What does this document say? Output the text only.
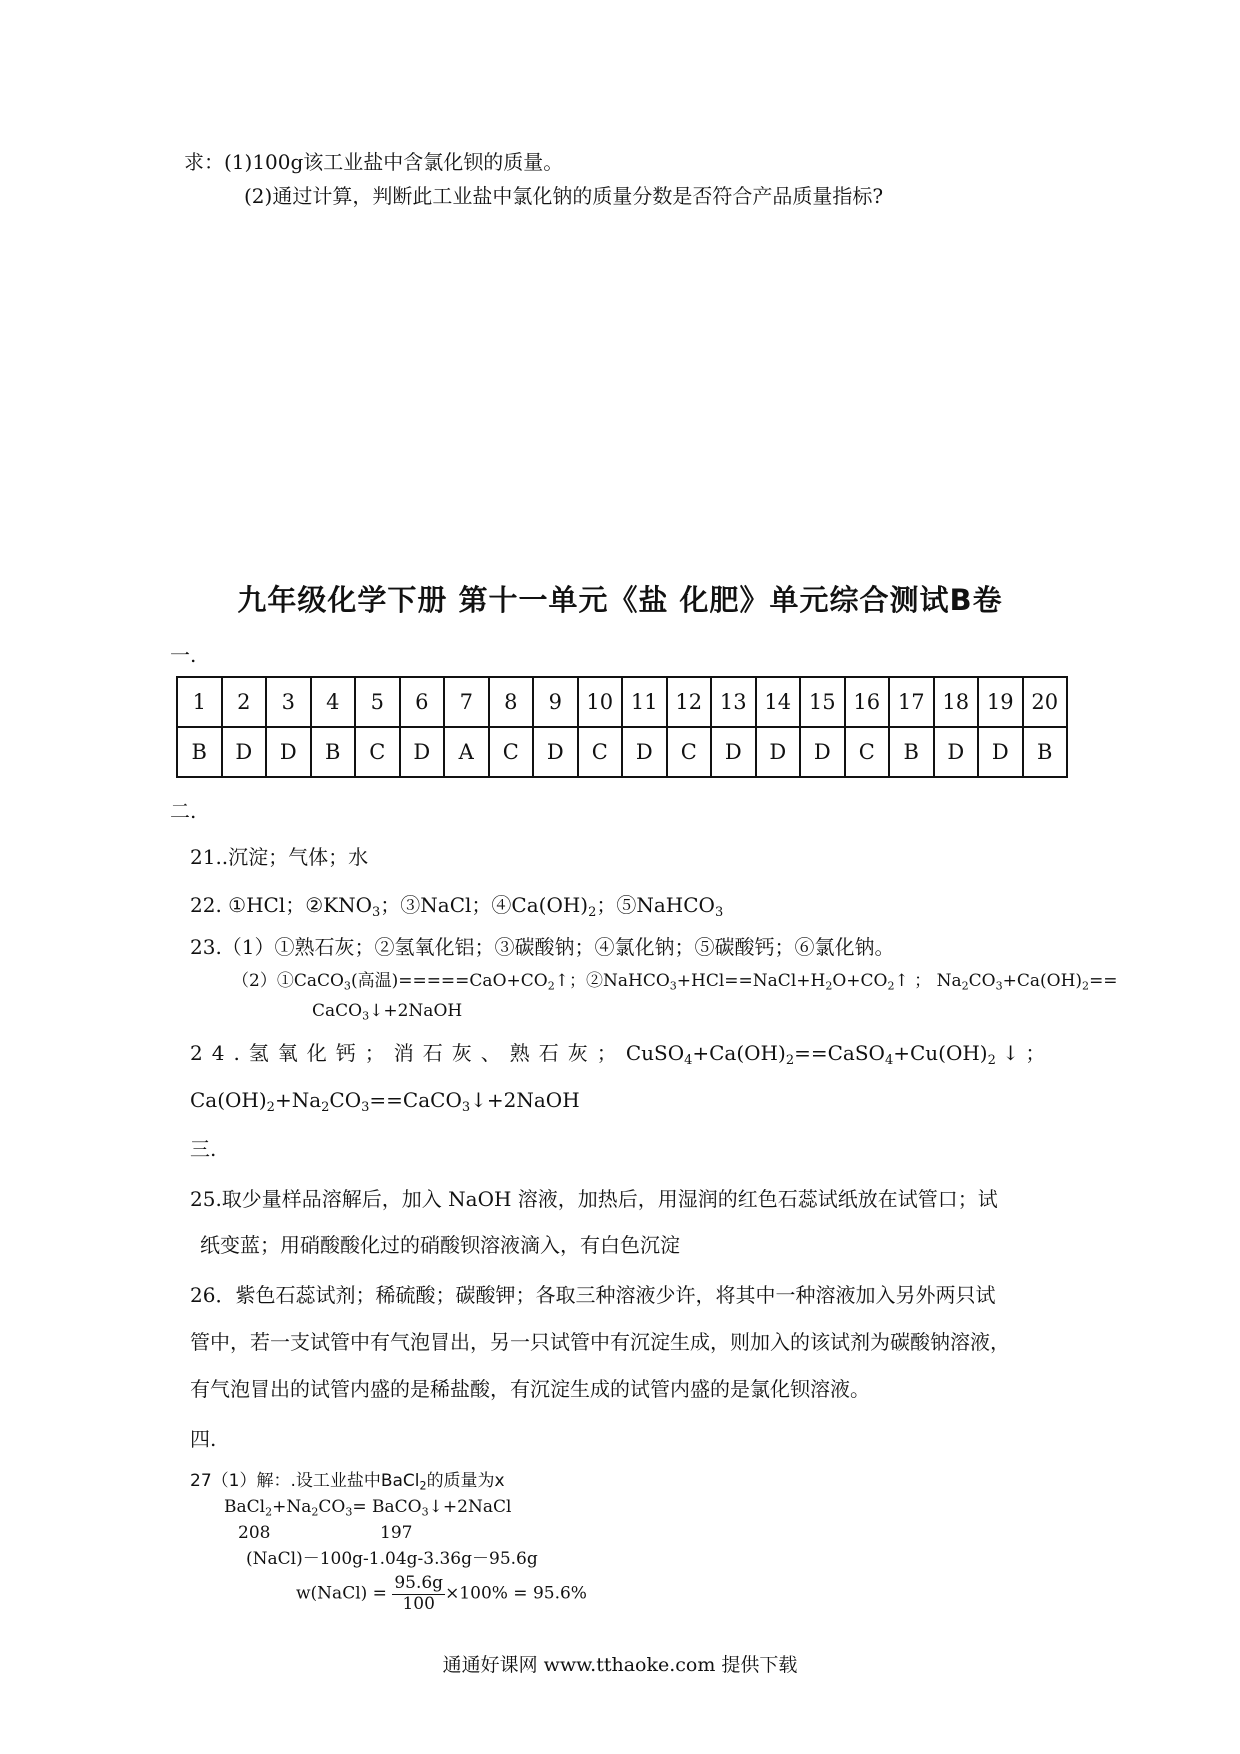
求：(1)100g该工业盐中含氯化钡的质量。

(2)通过计算，判断此工业盐中氯化钠的质量分数是否符合产品质量指标?

九年级化学下册 第十一单元《盐 化肥》单元综合测试B卷

一.

1	2	3	4	5	6	7	8	9	10	11	12	13	14	15	16	17	18	19	20
B	D	D	B	C	D	A	C	D	C	D	C	D	D	D	C	B	D	D	B

二.

21..沉淀；气体；水

22. ①HCl；$②KNO_3$；③NaCl；$④Ca(OH)_2$；⑤NaHCO$_3$

23.（1）①熟石灰；②氢氧化铝；③碳酸钠；④氯化钠；⑤碳酸钙；⑥氯化钠。

（2）①CaCO$_3$(高温)$=====CaO+CO_2↑$；$②NaHCO_3+HCl==NaCl+H_2O+CO_2↑$ ； $Na_2CO_3+Ca(OH)_2==$

CaCO$_3$↓+2NaOH

24.氢氧化钙；消石灰、熟石灰；$CuSO_4+Ca(OH)_2==CaSO_4+Cu(OH)_2$ ↓ ；

$Ca(OH)_2+Na_2CO_3==CaCO_3↓+2NaOH$

三.

25.取少量样品溶解后，加入 NaOH 溶液，加热后，用湿润的红色石蕊试纸放在试管口；试

纸变蓝；用硝酸酸化过的硝酸钡溶液滴入，有白色沉淀

26．紫色石蕊试剂；稀硫酸；碳酸钾；各取三种溶液少许，将其中一种溶液加入另外两只试

管中，若一支试管中有气泡冒出，另一只试管中有沉淀生成，则加入的该试剂为碳酸钠溶液，

有气泡冒出的试管内盛的是稀盐酸，有沉淀生成的试管内盛的是氯化钡溶液。

四.

27（1）解：.设工业盐中BaCl$_2$的质量为x

$BaCl_2+Na_2CO_3=$ BaCO$_3$↓+2NaCl

208	197

(NaCl)－100g-1.04g-3.36g－95.6g

w(NaCl) = $\frac{95.6g}{100} \times 100\% = 95.6\%$

通通好课网 www.tthaoke.com 提供下载
